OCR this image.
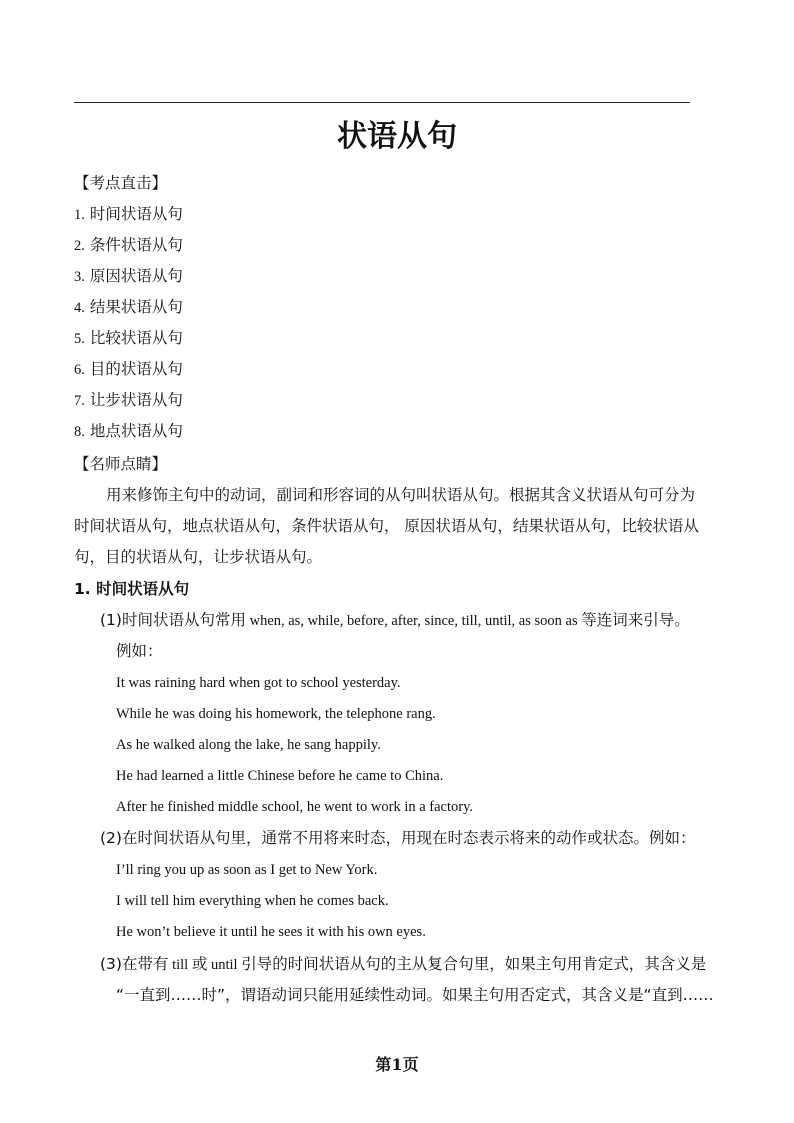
状语从句
【考点直击】
1. 时间状语从句
2. 条件状语从句
3. 原因状语从句
4. 结果状语从句
5. 比较状语从句
6. 目的状语从句
7. 让步状语从句
8. 地点状语从句
【名师点睛】
用来修饰主句中的动词，副词和形容词的从句叫状语从句。根据其含义状语从句可分为
时间状语从句，地点状语从句，条件状语从句， 原因状语从句，结果状语从句，比较状语从
句，目的状语从句，让步状语从句。
1. 时间状语从句
(1)时间状语从句常用 when, as, while, before, after, since, till, until, as soon as 等连词来引导。
例如：
It was raining hard when got to school yesterday.
While he was doing his homework, the telephone rang.
As he walked along the lake, he sang happily.
He had learned a little Chinese before he came to China.
After he finished middle school, he went to work in a factory.
(2)在时间状语从句里，通常不用将来时态，用现在时态表示将来的动作或状态。例如：
I’ll ring you up as soon as I get to New York.
I will tell him everything when he comes back.
He won’t believe it until he sees it with his own eyes.
(3)在带有 till 或 until 引导的时间状语从句的主从复合句里，如果主句用肯定式，其含义是
“一直到……时”，谓语动词只能用延续性动词。如果主句用否定式，其含义是“直到……
第1页
